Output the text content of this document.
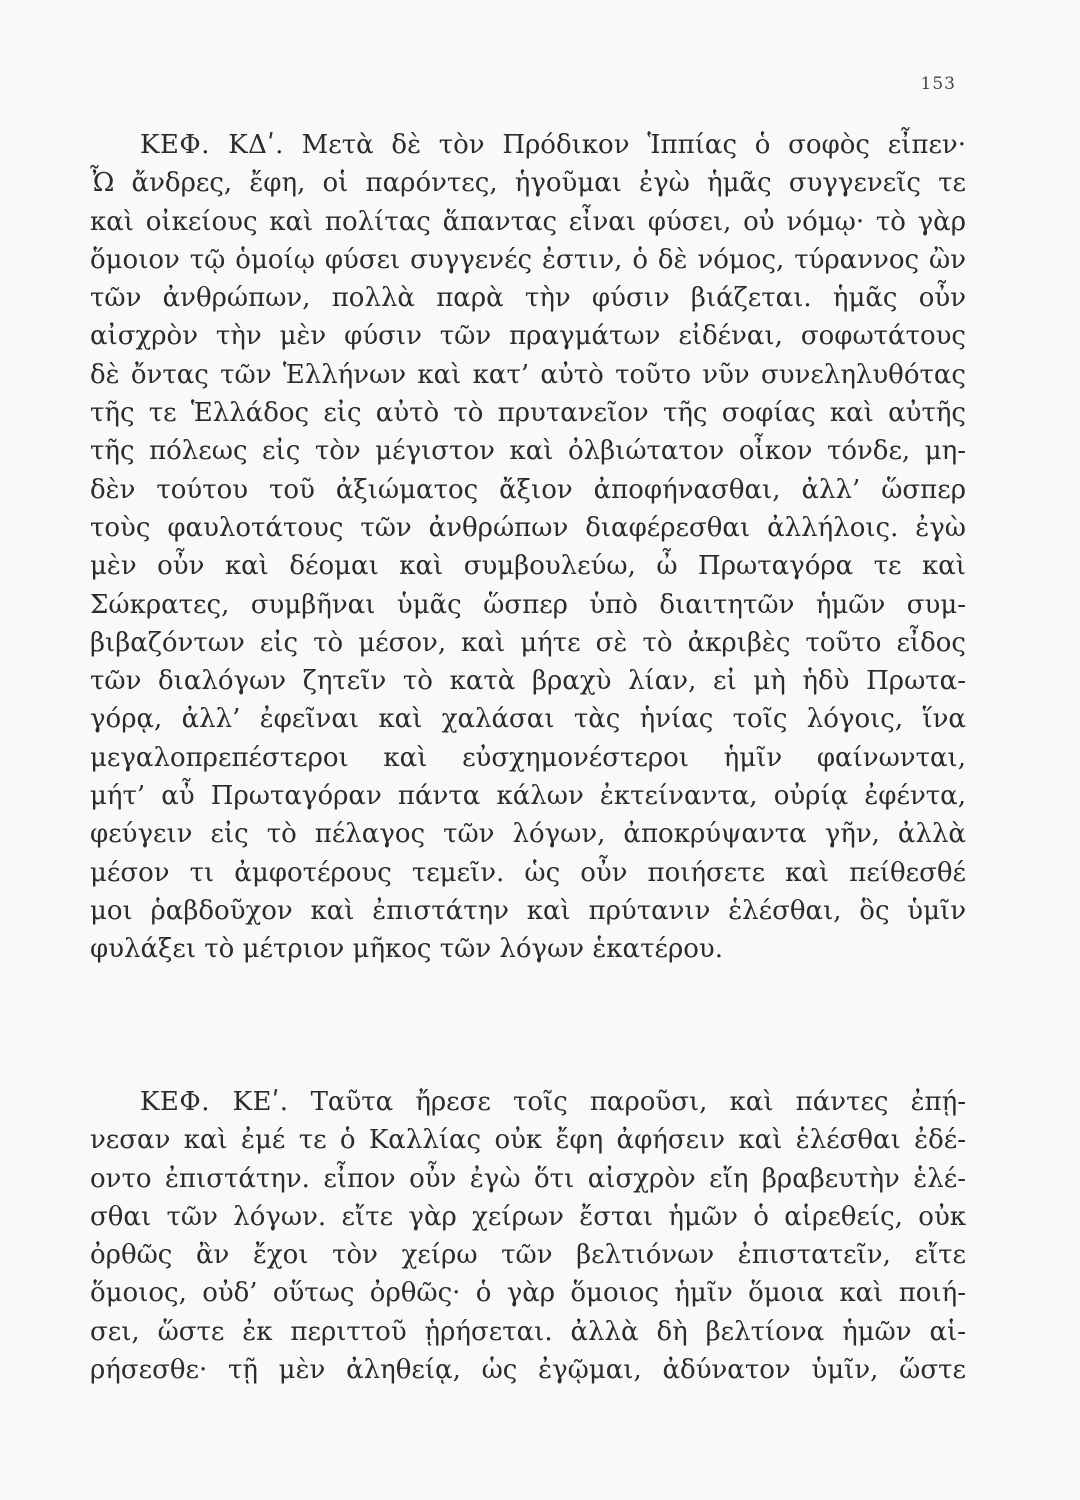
153
ΚΕΦ. ΚΔʹ. Μετὰ δὲ τὸν Πρόδικον Ἱππίας ὁ σοφὸς εἶπεν·
Ὦ ἄνδρες, ἔφη, οἱ παρόντες, ἡγοῦμαι ἐγὼ ἡμᾶς συγγενεῖς τε
καὶ οἰκείους καὶ πολίτας ἅπαντας εἶναι φύσει, οὐ νόμῳ· τὸ γὰρ
ὅμοιον τῷ ὁμοίῳ φύσει συγγενές ἐστιν, ὁ δὲ νόμος, τύραννος ὢν
τῶν ἀνθρώπων, πολλὰ παρὰ τὴν φύσιν βιάζεται. ἡμᾶς οὖν
αἰσχρὸν τὴν μὲν φύσιν τῶν πραγμάτων εἰδέναι, σοφωτάτους
δὲ ὄντας τῶν Ἑλλήνων καὶ κατ’ αὐτὸ τοῦτο νῦν συνεληλυθότας
τῆς τε Ἑλλάδος εἰς αὐτὸ τὸ πρυτανεῖον τῆς σοφίας καὶ αὐτῆς
τῆς πόλεως εἰς τὸν μέγιστον καὶ ὀλβιώτατον οἶκον τόνδε, μη-
δὲν τούτου τοῦ ἀξιώματος ἄξιον ἀποφήνασθαι, ἀλλ’ ὥσπερ
τοὺς φαυλοτάτους τῶν ἀνθρώπων διαφέρεσθαι ἀλλήλοις. ἐγὼ
μὲν οὖν καὶ δέομαι καὶ συμβουλεύω, ὦ Πρωταγόρα τε καὶ
Σώκρατες, συμβῆναι ὑμᾶς ὥσπερ ὑπὸ διαιτητῶν ἡμῶν συμ-
βιβαζόντων εἰς τὸ μέσον, καὶ μήτε σὲ τὸ ἀκριβὲς τοῦτο εἶδος
τῶν διαλόγων ζητεῖν τὸ κατὰ βραχὺ λίαν, εἰ μὴ ἡδὺ Πρωτα-
γόρᾳ, ἀλλ’ ἐφεῖναι καὶ χαλάσαι τὰς ἡνίας τοῖς λόγοις, ἵνα
μεγαλοπρεπέστεροι καὶ εὐσχημονέστεροι ἡμῖν φαίνωνται,
μήτ’ αὖ Πρωταγόραν πάντα κάλων ἐκτείναντα, οὐρίᾳ ἐφέντα,
φεύγειν εἰς τὸ πέλαγος τῶν λόγων, ἀποκρύψαντα γῆν, ἀλλὰ
μέσον τι ἀμφοτέρους τεμεῖν. ὡς οὖν ποιήσετε καὶ πείθεσθέ
μοι ῥαβδοῦχον καὶ ἐπιστάτην καὶ πρύτανιν ἑλέσθαι, ὃς ὑμῖν
φυλάξει τὸ μέτριον μῆκος τῶν λόγων ἑκατέρου.
ΚΕΦ. ΚΕʹ. Ταῦτα ἤρεσε τοῖς παροῦσι, καὶ πάντες ἐπῄ-
νεσαν καὶ ἐμέ τε ὁ Καλλίας οὐκ ἔφη ἀφήσειν καὶ ἑλέσθαι ἐδέ-
οντο ἐπιστάτην. εἶπον οὖν ἐγὼ ὅτι αἰσχρὸν εἴη βραβευτὴν ἑλέ-
σθαι τῶν λόγων. εἴτε γὰρ χείρων ἔσται ἡμῶν ὁ αἱρεθείς, οὐκ
ὀρθῶς ἂν ἔχοι τὸν χείρω τῶν βελτιόνων ἐπιστατεῖν, εἴτε
ὅμοιος, οὐδ’ οὕτως ὀρθῶς· ὁ γὰρ ὅμοιος ἡμῖν ὅμοια καὶ ποιή-
σει, ὥστε ἐκ περιττοῦ ᾑρήσεται. ἀλλὰ δὴ βελτίονα ἡμῶν αἱ-
ρήσεσθε· τῇ μὲν ἀληθείᾳ, ὡς ἐγῷμαι, ἀδύνατον ὑμῖν, ὥστε
